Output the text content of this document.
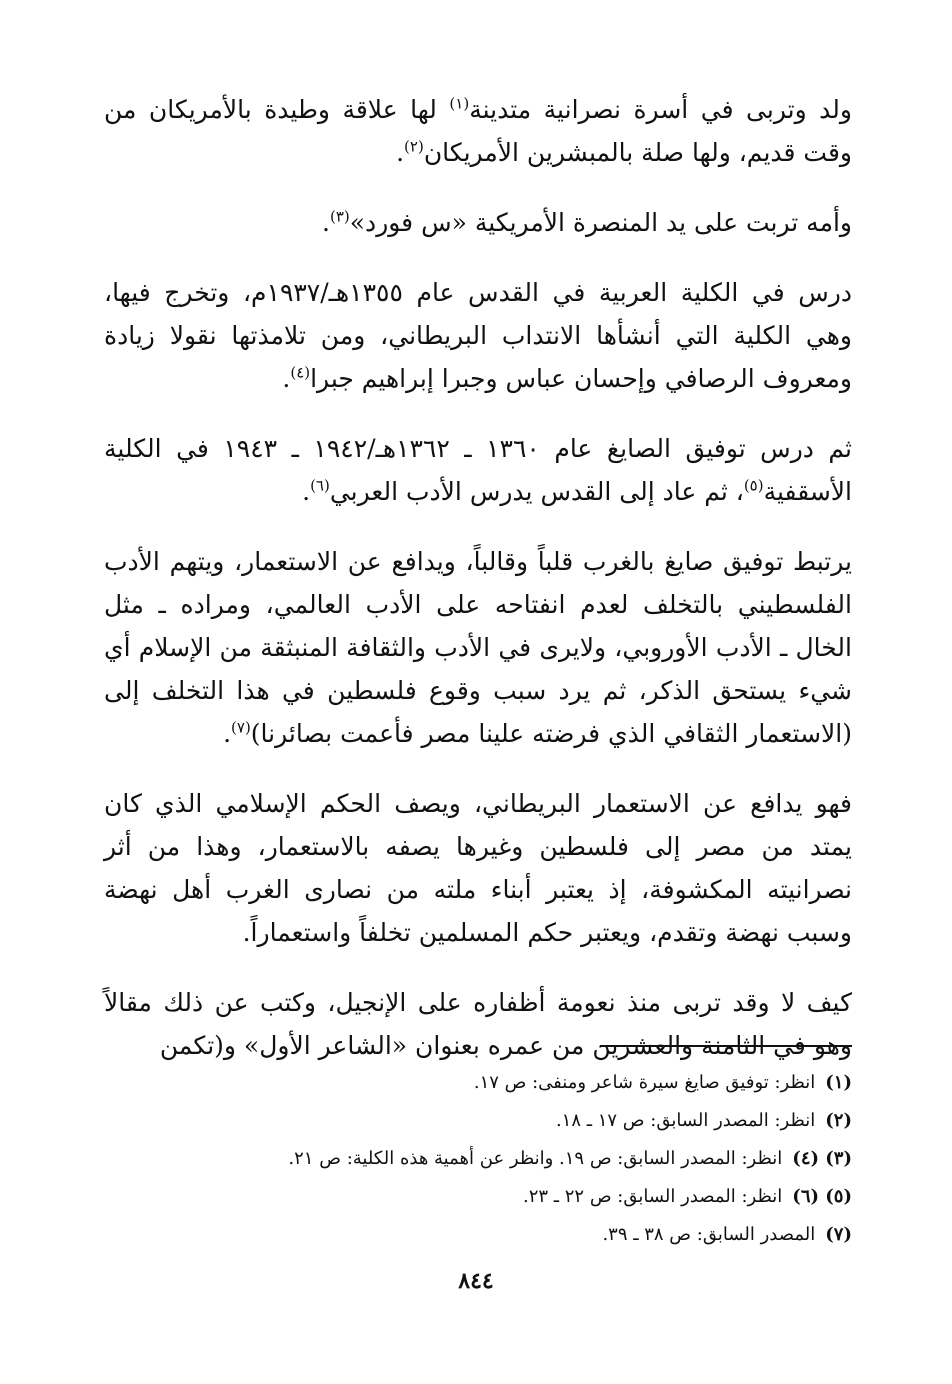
ولد وتربى في أسرة نصرانية متدينة$^{(١)}$ لها علاقة وطيدة بالأمريكان من وقت قديم، ولها صلة بالمبشرين الأمريكان$^{(٢)}$.

وأمه تربت على يد المنصرة الأمريكية «س فورد»$^{(٣)}$.

درس في الكلية العربية في القدس عام ١٣٥٥هـ/١٩٣٧م، وتخرج فيها، وهي الكلية التي أنشأها الانتداب البريطاني، ومن تلامذتها نقولا زيادة ومعروف الرصافي وإحسان عباس وجبرا إبراهيم جبرا$^{(٤)}$.

ثم درس توفيق الصايغ عام ١٣٦٠ ـ ١٣٦٢هـ/١٩٤٢ ـ ١٩٤٣ في الكلية الأسقفية$^{(٥)}$، ثم عاد إلى القدس يدرس الأدب العربي$^{(٦)}$.

يرتبط توفيق صايغ بالغرب قلباً وقالباً، ويدافع عن الاستعمار، ويتهم الأدب الفلسطيني بالتخلف لعدم انفتاحه على الأدب العالمي، ومراده ـ مثل الخال ـ الأدب الأوروبي، ولايرى في الأدب والثقافة المنبثقة من الإسلام أي شيء يستحق الذكر، ثم يرد سبب وقوع فلسطين في هذا التخلف إلى (الاستعمار الثقافي الذي فرضته علينا مصر فأعمت بصائرنا)$^{(٧)}$.

فهو يدافع عن الاستعمار البريطاني، ويصف الحكم الإسلامي الذي كان يمتد من مصر إلى فلسطين وغيرها يصفه بالاستعمار، وهذا من أثر نصرانيته المكشوفة، إذ يعتبر أبناء ملته من نصارى الغرب أهل نهضة وسبب نهضة وتقدم، ويعتبر حكم المسلمين تخلفاً واستعماراً.

كيف لا وقد تربى منذ نعومة أظفاره على الإنجيل، وكتب عن ذلك مقالاً وهو في الثامنة والعشرين من عمره بعنوان «الشاعر الأول» و(تكمن

(١)انظر: توفيق صايغ سيرة شاعر ومنفى: ص ١٧.
(٢)انظر: المصدر السابق: ص ١٧ ـ ١٨.
(٣) (٤)انظر: المصدر السابق: ص ١٩. وانظر عن أهمية هذه الكلية: ص ٢١.
(٥) (٦)انظر: المصدر السابق: ص ٢٢ ـ ٢٣.
(٧)المصدر السابق: ص ٣٨ ـ ٣٩.
٨٤٤
